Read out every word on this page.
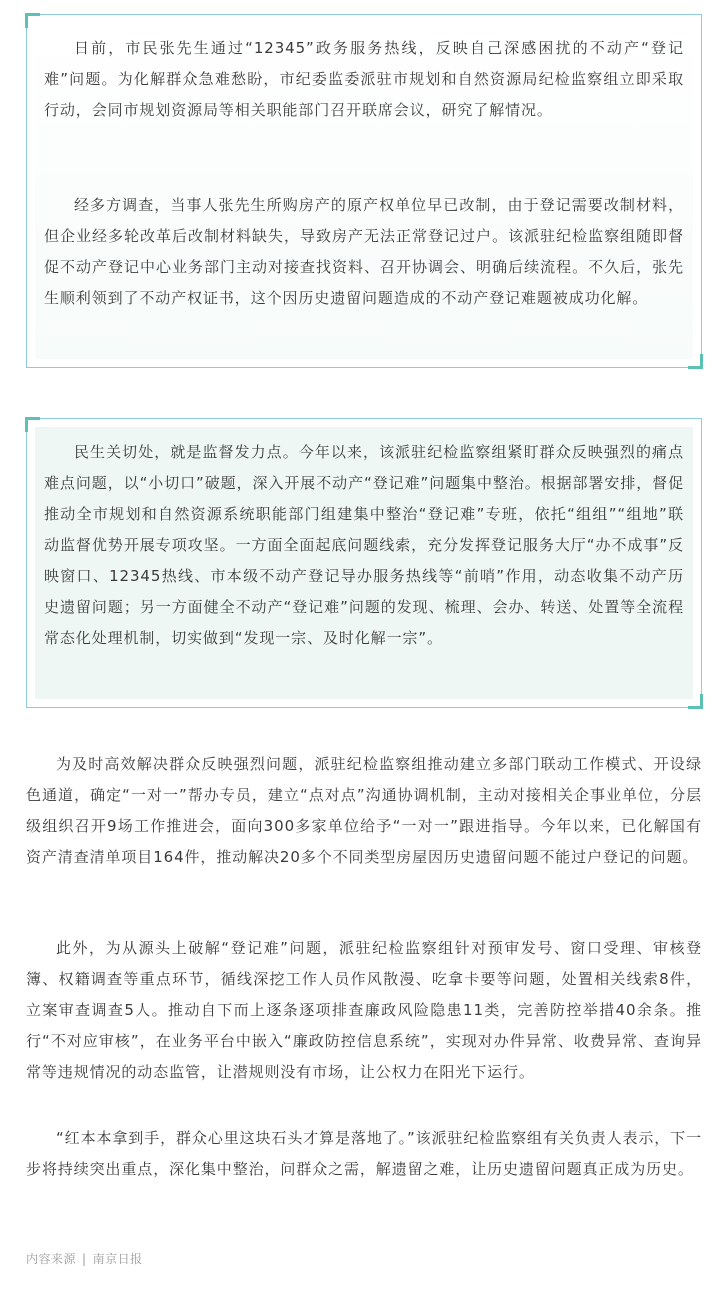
日前，市民张先生通过“12345”政务服务热线，反映自己深感困扰的不动产“登记难”问题。为化解群众急难愁盼，市纪委监委派驻市规划和自然资源局纪检监察组立即采取行动，会同市规划资源局等相关职能部门召开联席会议，研究了解情况。

经多方调查，当事人张先生所购房产的原产权单位早已改制，由于登记需要改制材料，但企业经多轮改革后改制材料缺失，导致房产无法正常登记过户。该派驻纪检监察组随即督促不动产登记中心业务部门主动对接查找资料、召开协调会、明确后续流程。不久后，张先生顺利领到了不动产权证书，这个因历史遗留问题造成的不动产登记难题被成功化解。

民生关切处，就是监督发力点。今年以来，该派驻纪检监察组紧盯群众反映强烈的痛点难点问题，以“小切口”破题，深入开展不动产“登记难”问题集中整治。根据部署安排，督促推动全市规划和自然资源系统职能部门组建集中整治“登记难”专班，依托“组组”“组地”联动监督优势开展专项攻坚。一方面全面起底问题线索，充分发挥登记服务大厅“办不成事”反映窗口、12345热线、市本级不动产登记导办服务热线等“前哨”作用，动态收集不动产历史遗留问题；另一方面健全不动产“登记难”问题的发现、梳理、会办、转送、处置等全流程常态化处理机制，切实做到“发现一宗、及时化解一宗”。

为及时高效解决群众反映强烈问题，派驻纪检监察组推动建立多部门联动工作模式、开设绿色通道，确定“一对一”帮办专员，建立“点对点”沟通协调机制，主动对接相关企事业单位，分层级组织召开9场工作推进会，面向300多家单位给予“一对一”跟进指导。今年以来，已化解国有资产清查清单项目164件，推动解决20多个不同类型房屋因历史遗留问题不能过户登记的问题。

此外，为从源头上破解“登记难”问题，派驻纪检监察组针对预审发号、窗口受理、审核登簿、权籍调查等重点环节，循线深挖工作人员作风散漫、吃拿卡要等问题，处置相关线索8件，立案审查调查5人。推动自下而上逐条逐项排查廉政风险隐患11类，完善防控举措40余条。推行“不对应审核”，在业务平台中嵌入“廉政防控信息系统”，实现对办件异常、收费异常、查询异常等违规情况的动态监管，让潜规则没有市场，让公权力在阳光下运行。

“红本本拿到手，群众心里这块石头才算是落地了。”该派驻纪检监察组有关负责人表示，下一步将持续突出重点，深化集中整治，问群众之需，解遗留之难，让历史遗留问题真正成为历史。

内容来源 | 南京日报
